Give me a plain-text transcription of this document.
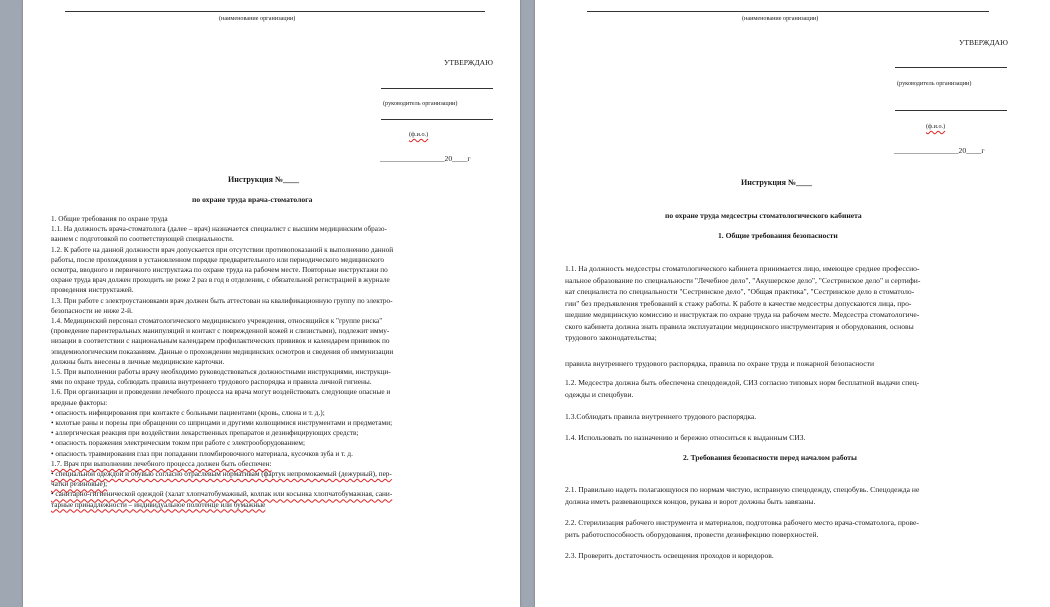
(наименование организации)
УТВЕРЖДАЮ
(руководитель организации)
(ф.и.о.)
_________________20____г
Инструкция №____
по охране труда врача-стоматолога
1. Общие требования по охране труда
1.1. На должность врача-стоматолога (далее – врач) назначается специалист с высшим медицинским образо-
ванием с подготовкой по соответствующей специальности.
1.2. К работе на данной должности врач допускается при отсутствии противопоказаний к выполнению данной
работы, после прохождения в установленном порядке предварительного или периодического медицинского
осмотра, вводного и первичного инструктажа по охране труда на рабочем месте. Повторные инструктажи по
охране труда врач должен проходить не реже 2 раз в год в отделении, с обязательной регистрацией в журнале
проведения инструктажей.
1.3. При работе с электроустановками врач должен быть аттестован на квалификационную группу по электро-
безопасности не ниже 2-й.
1.4. Медицинский персонал стоматологического медицинского учреждения, относящийся к "группе риска"
(проведение парентеральных манипуляций и контакт с поврежденной кожей и слизистыми), подлежит иммy-
низации в соответствии с национальным календарем профилактических прививок и календарем прививок по
эпидемиологическим показаниям. Данные о прохождении медицинских осмотров и сведения об иммунизации
должны быть внесены в личные медицинские карточки.
1.5. При выполнении работы врачу необходимо руководствоваться должностными инструкциями, инструкци-
ями по охране труда, соблюдать правила внутреннего трудового распорядка и правила личной гигиены.
1.6. При организации и проведении лечебного процесса на врача могут воздействовать следующие опасные и
вредные факторы:
• опасность инфицирования при контакте с больными пациентами (кровь, слюна и т. д.);
• колотые раны и порезы при обращении со шприцами и другими колющимися инструментами и предметами;
• аллергическая реакция при воздействии лекарственных препаратов и дезинфицирующих средств;
• опасность поражения электрическим током при работе с электрооборудованием;
• опасность травмирования глаз при попадании пломбировочного материала, кусочков зуба и т. д.
1.7. Врач при выполнении лечебного процесса должен быть обеспечен:
• специальной одеждой и обувью согласно отраслевым нормативам (фартук непромокаемый (дежурный), пер-
чатки резиновые);
• санитарно-гигиенической одеждой (халат хлопчатобумажный, колпак или косынка хлопчатобумажная, сани-
тарные принадлежности – индивидуальное полотенце или бумажные
(наименование организации)
УТВЕРЖДАЮ
(руководитель организации)
(ф.и.о.)
_________________20____г
Инструкция №____
по охране труда медсестры стоматологического кабинета
1. Общие требования безопасности
1.1. На должность медсестры стоматологического кабинета принимается лицо, имеющее среднее профессио-
нальное образование по специальности "Лечебное дело", "Акушерское дело", "Сестринское дело" и сертифи-
кат специалиста по специальности "Сестринское дело", "Общая практика", "Сестринское дело в стоматоло-
гии" без предъявления требований к стажу работы. К работе в качестве медсестры допускаются лица, про-
шедшие медицинскую комиссию и инструктаж по охране труда на рабочем месте. Медсестра стоматологиче-
ского кабинета должна знать правила эксплуатации медицинского инструментария и оборудования, основы
трудового законодательства;
правила внутреннего трудового распорядка, правила по охране труда и пожарной безопасности
1.2. Медсестра должна быть обеспечена спецодеждой, СИЗ согласно типовых норм бесплатной выдачи спец-
одежды и спецобуви.
1.3.Соблюдать правила внутреннего трудового распорядка.
1.4. Использовать по назначению и бережно относиться к выданным СИЗ.
2. Требования безопасности перед началом работы
2.1. Правильно надеть полагающуюся по нормам чистую, исправную спецодежду, спецобувь. Спецодежда не
должна иметь развевающихся концов, рукава и ворот должны быть завязаны.
2.2. Стерилизация рабочего инструмента и материалов, подготовка рабочего место врача-стоматолога, прове-
рить работоспособность оборудования, провести дезинфекцию поверхностей.
2.3. Проверить достаточность освещения проходов и коридоров.
